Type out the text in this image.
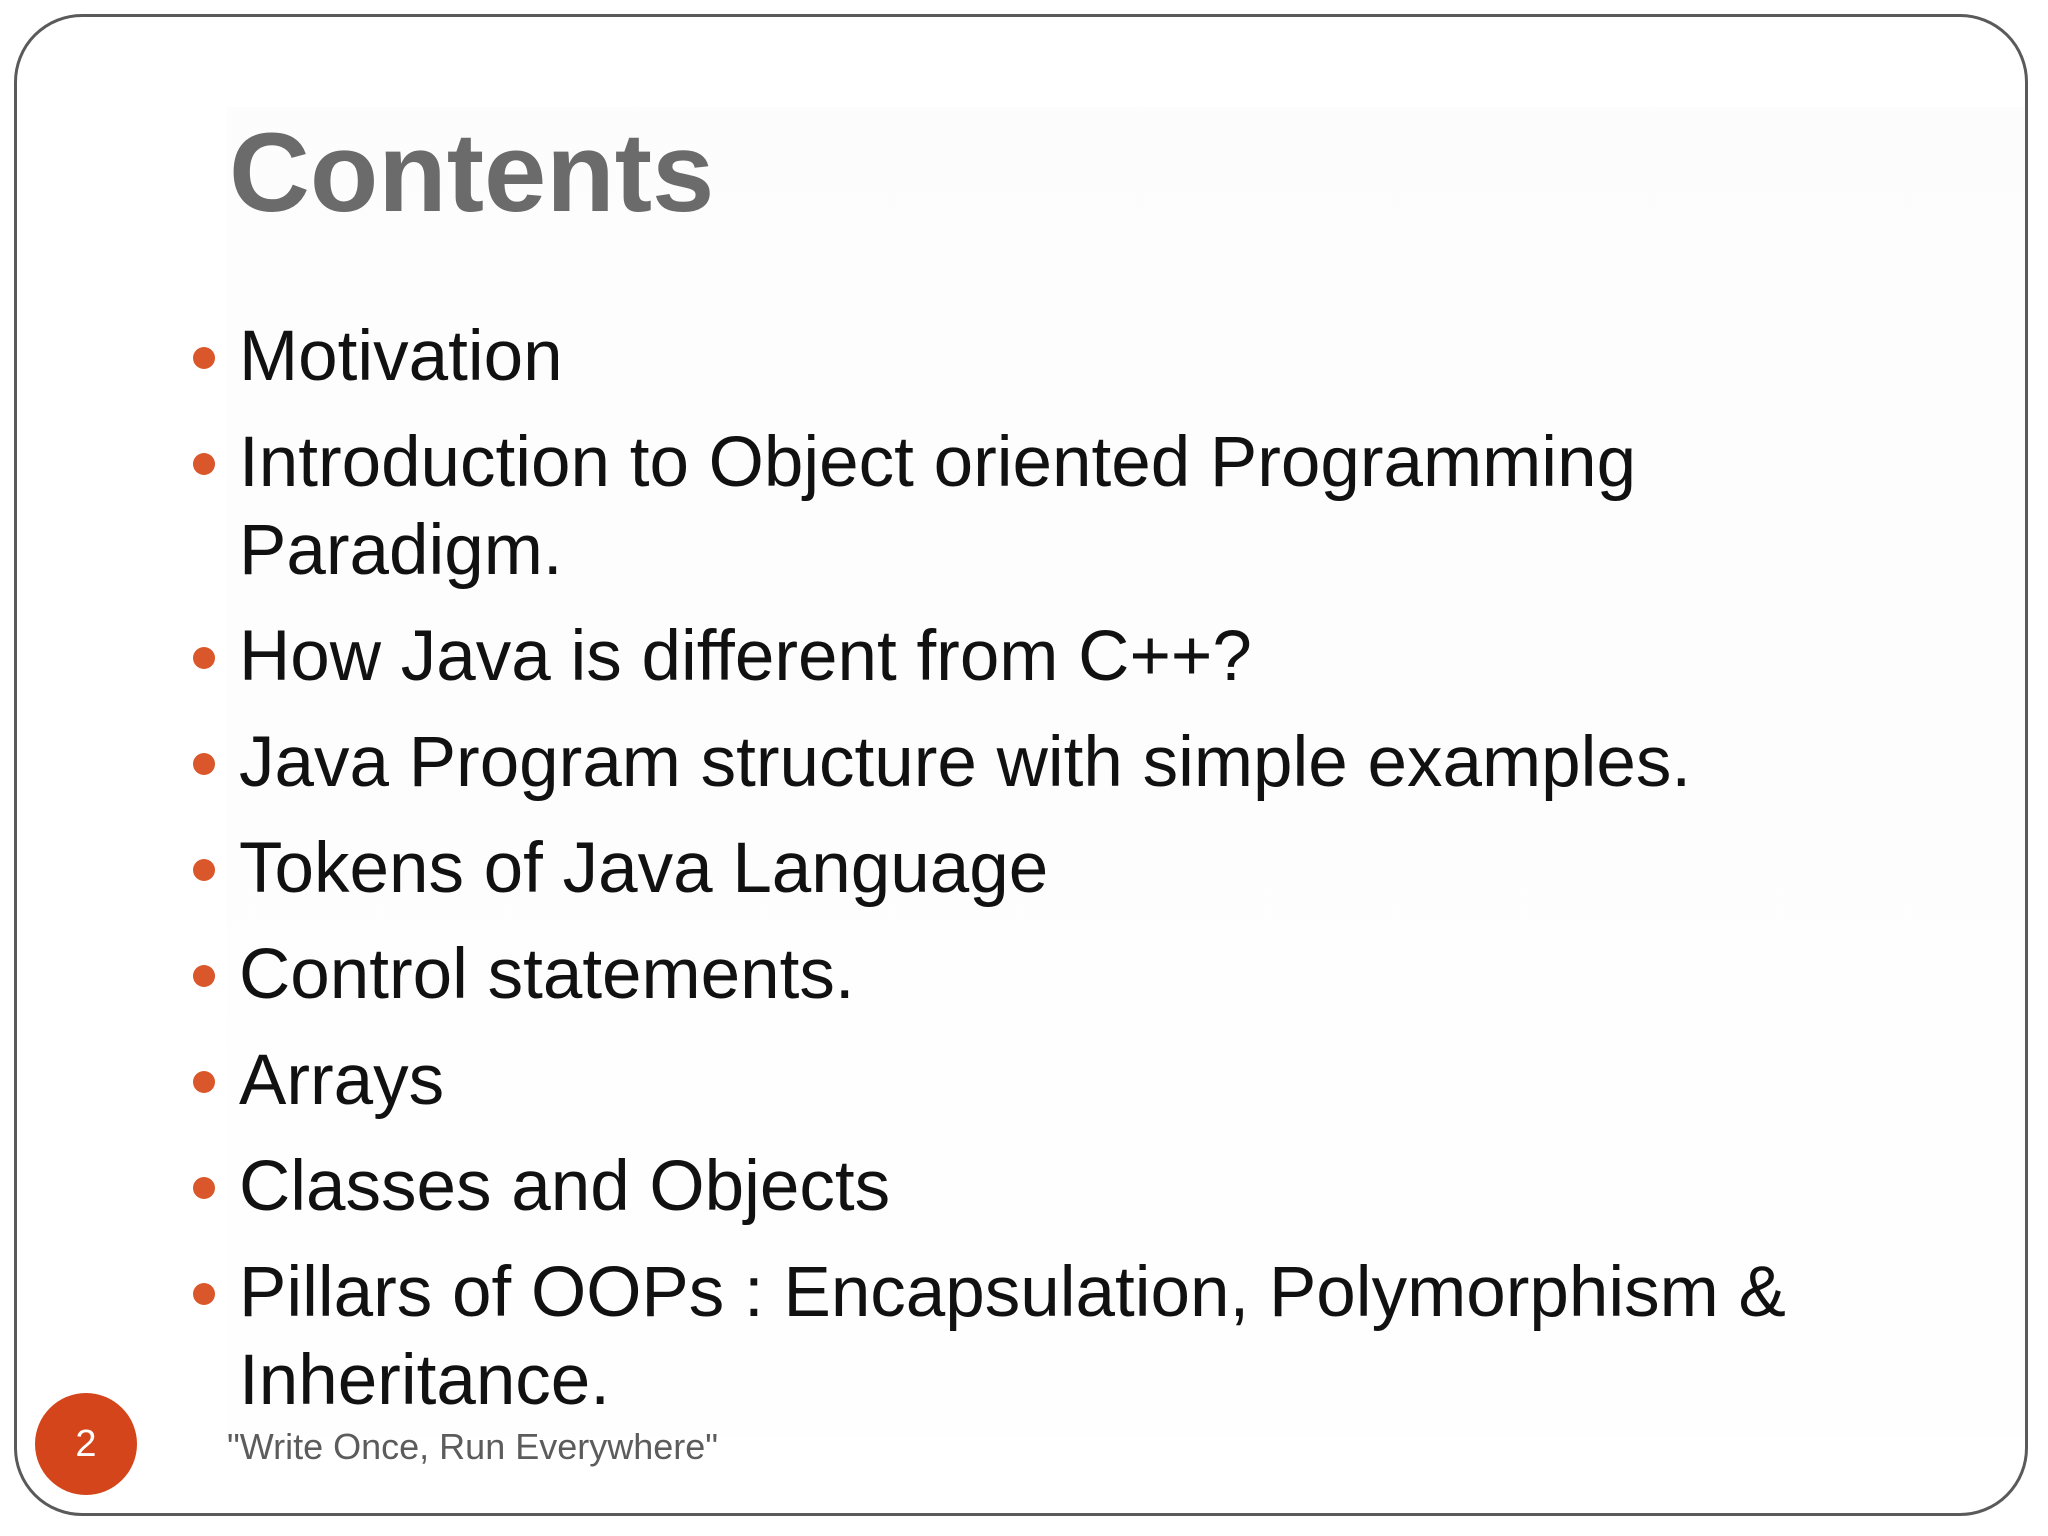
Contents
Motivation
Introduction to Object oriented Programming Paradigm.
How Java is different from C++?
Java Program structure with simple examples.
Tokens of Java Language
Control statements.
Arrays
Classes and Objects
Pillars of OOPs : Encapsulation, Polymorphism & Inheritance.
2	"Write Once, Run Everywhere"
